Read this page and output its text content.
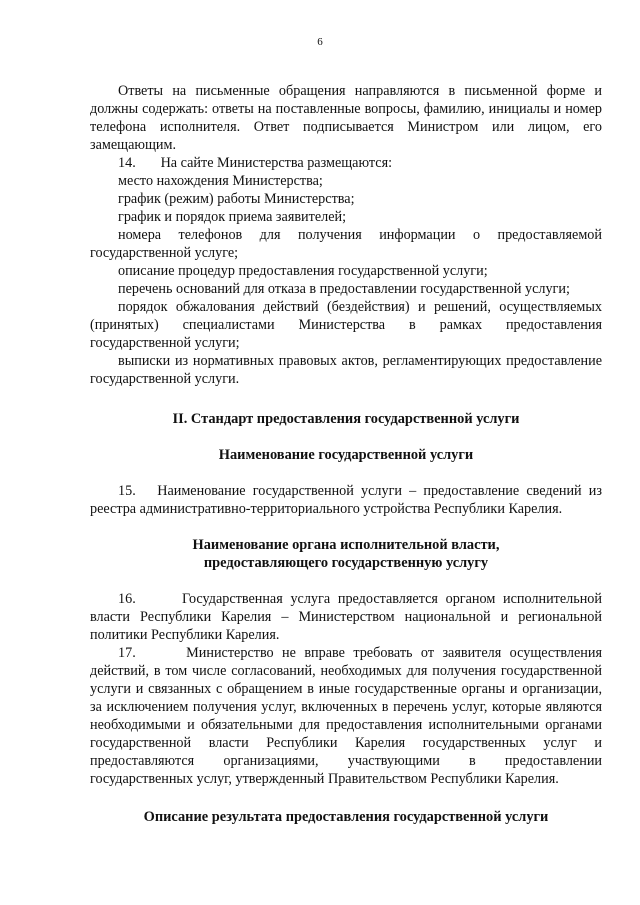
6

Ответы на письменные обращения направляются в письменной форме и должны содержать: ответы на поставленные вопросы, фамилию, инициалы и номер телефона исполнителя. Ответ подписывается Министром или лицом, его замещающим.

14.       На сайте Министерства размещаются:

место нахождения Министерства;

график (режим) работы Министерства;

график и порядок приема заявителей;

номера телефонов для получения информации о предоставляемой государственной услуге;

описание процедур предоставления государственной услуги;

перечень оснований для отказа в предоставлении государственной услуги;

порядок обжалования действий (бездействия) и решений, осуществляемых (принятых) специалистами Министерства в рамках предоставления государственной услуги;

выписки из нормативных правовых актов, регламентирующих предоставление государственной услуги.

II. Стандарт предоставления государственной услуги
Наименование государственной услуги

15.   Наименование государственной услуги – предоставление сведений из реестра административно-территориального устройства Республики Карелия.

Наименование органа исполнительной власти,
предоставляющего государственную услугу

16.      Государственная услуга предоставляется органом исполнительной власти Республики Карелия – Министерством национальной и региональной политики Республики Карелия.

17.      Министерство не вправе требовать от заявителя осуществления действий, в том числе согласований, необходимых для получения государственной услуги и связанных с обращением в иные государственные органы и организации, за исключением получения услуг, включенных в перечень услуг, которые являются необходимыми и обязательными для предоставления исполнительными органами государственной власти Республики Карелия государственных услуг и предоставляются организациями, участвующими в предоставлении государственных услуг, утвержденный Правительством Республики Карелия.

Описание результата предоставления государственной услуги
